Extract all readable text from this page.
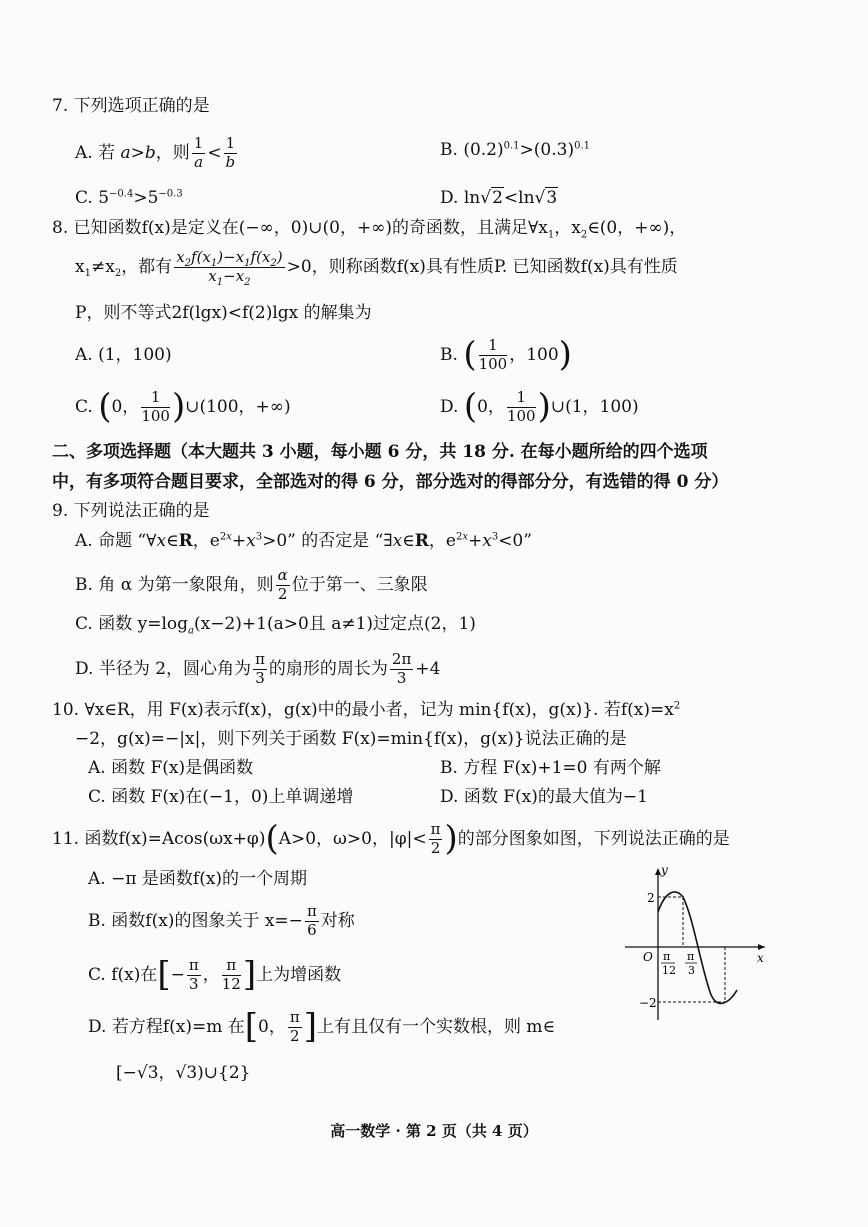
7. 下列选项正确的是
A. 若 a>b，则 $\frac{1}{a} < \frac{1}{b}$	B. $(0.2)^{0.1}>(0.3)^{0.1}$
C. $5^{-0.4}>5^{-0.3}$	D. ln√2<ln√3
8. 已知函数f(x)是定义在(−∞，0)∪(0，+∞)的奇函数，且满足$\forall x_1$，$x_2\in(0$，+∞)，
$x_1\ne x_2$，都有 $\frac{x_2f(x_1)-x_1f(x_2)}{x_1-x_2} >0$，则称函数f(x)具有性质P. 已知函数f(x)具有性质
P，则不等式2f(lgx)<f(2)lgx 的解集为
A. (1，100)	B. ( $\frac{1}{100}$ ，100)
C. (0， $\frac{1}{100}$ )∪(100，+∞)	D. (0， $\frac{1}{100}$ )∪(1，100)
二、多项选择题（本大题共 3 小题，每小题 6 分，共 18 分. 在每小题所给的四个选项
中，有多项符合题目要求，全部选对的得 6 分，部分选对的得部分分，有选错的得 0 分）
9. 下列说法正确的是
A. 命题 “∀x∈R，$e^{2x}+x^3>0$” 的否定是 “∃x∈R，$e^{2x}+x^3<0$”
B. 角 α 为第一象限角，则 $\frac{\alpha}{2}$ 位于第一、三象限
C. 函数 $y=\log_a(x-2)+1(a>0$且 a≠1)过定点(2，1)
D. 半径为 2，圆心角为 $\frac{\pi}{3}$ 的扇形的周长为 $\frac{2\pi}{3} +4$
10. ∀x∈R，用 F(x)表示f(x)，g(x)中的最小者，记为 min{f(x)，g(x)}. 若$f(x)=x^2$
−2，g(x)=−|x|，则下列关于函数 F(x)=min{f(x)，g(x)}说法正确的是
A. 函数 F(x)是偶函数	B. 方程 F(x)+1=0 有两个解
C. 函数 F(x)在(−1，0)上单调递增	D. 函数 F(x)的最大值为−1
11. 函数f(x)=Acos(ωx+φ)(A>0，ω>0，$|\varphi|< \frac{\pi}{2}$ )的部分图象如图，下列说法正确的是
A. −π 是函数f(x)的一个周期
B. 函数f(x)的图象关于 $x=- \frac{\pi}{6}$ 对称
C. f(x)在[− $\frac{\pi}{3}$ ， $\frac{\pi}{12}$ ]上为增函数
D. 若方程f(x)=m 在[0， $\frac{\pi}{2}$ ]上有且仅有一个实数根，则 m∈
[−√3，√3)∪{2}
y
x
O
2
−2
π
12
π
3
高一数学 · 第 2 页（共 4 页）
